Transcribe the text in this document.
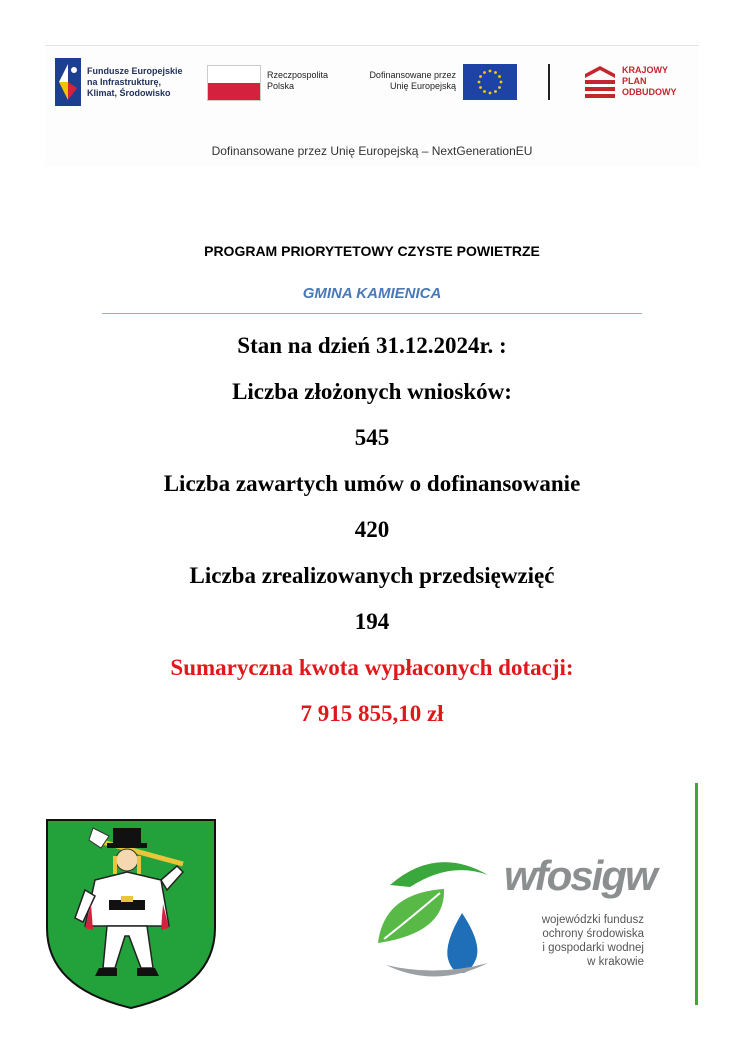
Fundusze Europejskie
na Infrastrukturę,
Klimat, Środowisko
Rzeczpospolita
Polska
Dofinansowane przez
Unię Europejską
KRAJOWY
PLAN
ODBUDOWY
Dofinansowane przez Unię Europejską – NextGenerationEU
PROGRAM PRIORYTETOWY CZYSTE POWIETRZE
GMINA KAMIENICA
Stan na dzień 31.12.2024r. :
Liczba złożonych wniosków:
545
Liczba zawartych umów o dofinansowanie
420
Liczba zrealizowanych przedsięwzięć
194
Sumaryczna kwota wypłaconych dotacji:
7 915 855,10 zł
wfosigw
wojewódzki fundusz
ochrony środowiska
i gospodarki wodnej
w krakowie
